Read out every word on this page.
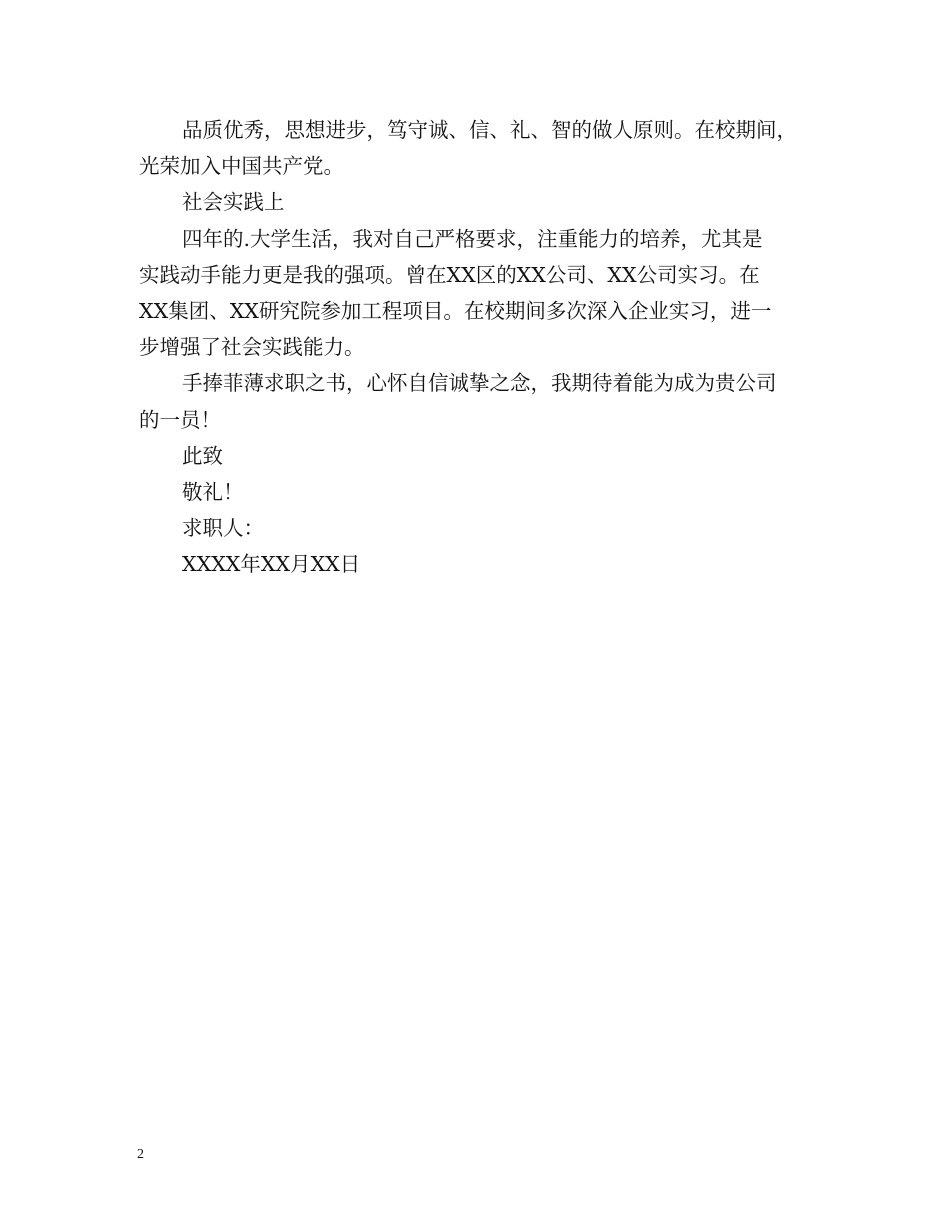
品质优秀，思想进步，笃守诚、信、礼、智的做人原则。在校期间，
光荣加入中国共产党。
社会实践上
四年的.大学生活，我对自己严格要求，注重能力的培养，尤其是
实践动手能力更是我的强项。曾在XX区的XX公司、XX公司实习。在
XX集团、XX研究院参加工程项目。在校期间多次深入企业实习，进一
步增强了社会实践能力。
手捧菲薄求职之书，心怀自信诚挚之念，我期待着能为成为贵公司
的一员！
此致
敬礼！
求职人：
XXXX年XX月XX日
2
